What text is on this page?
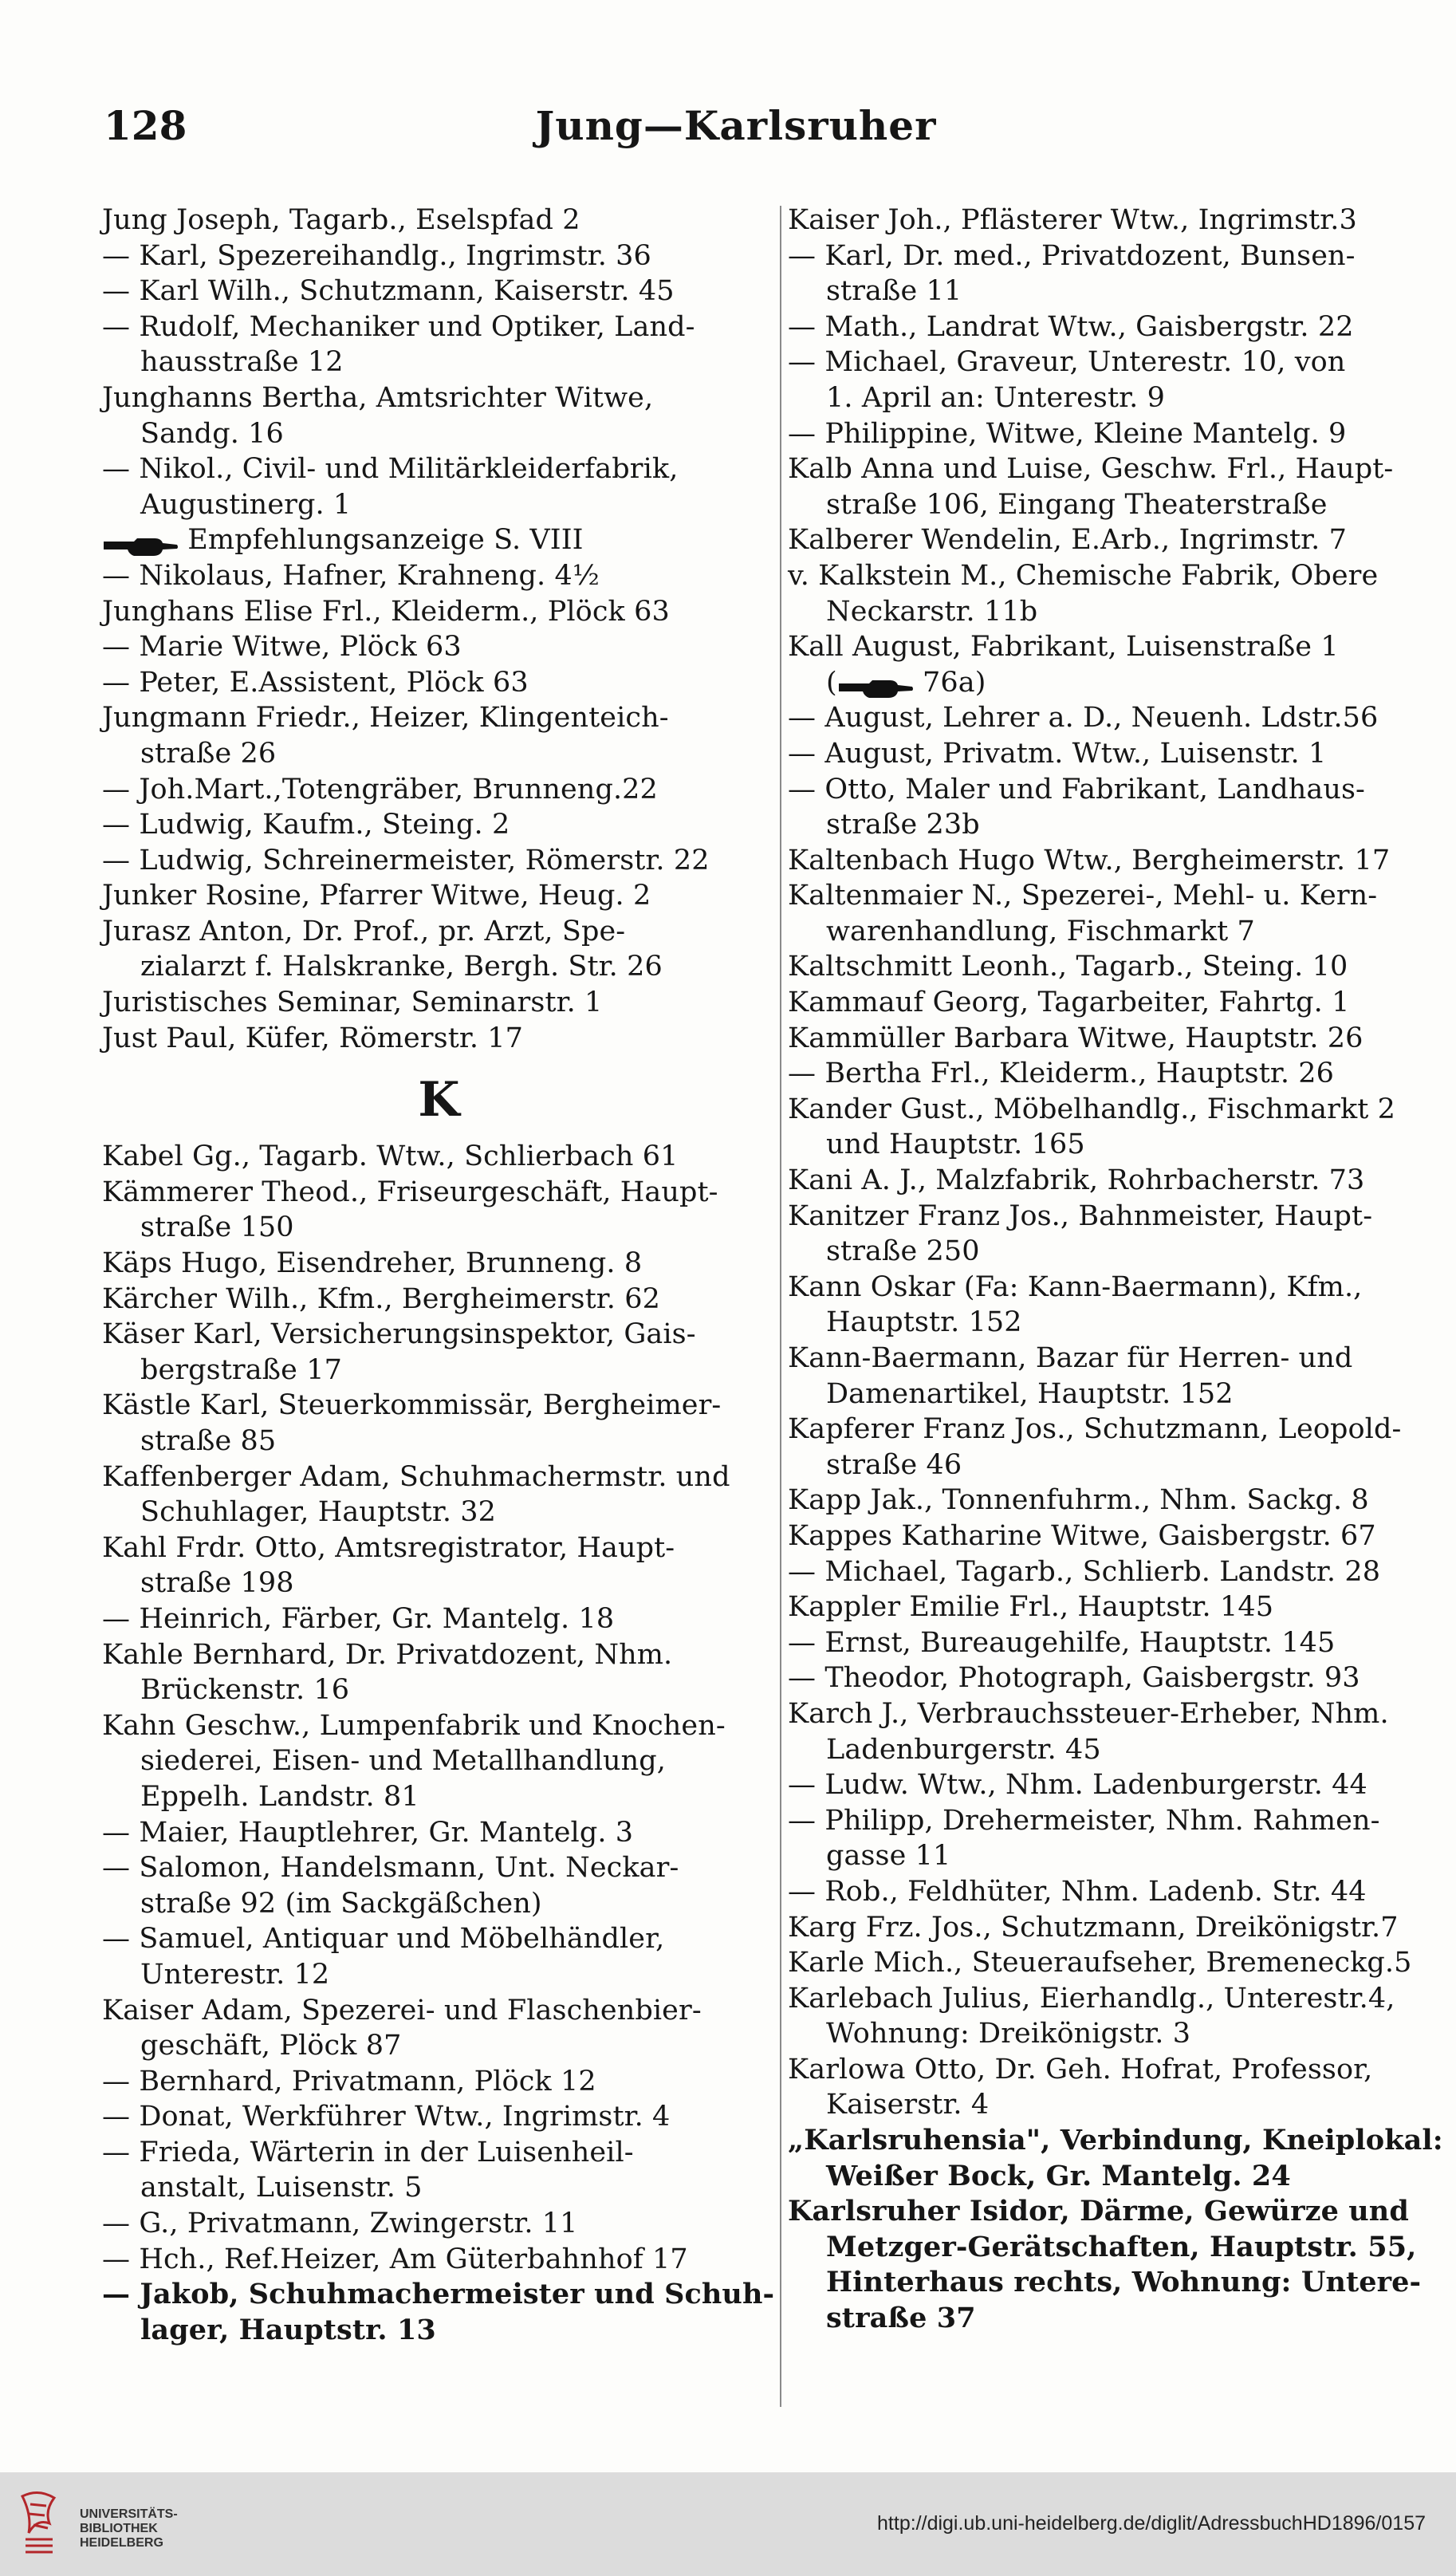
128	Jung—Karlsruher
Jung Joseph, Tagarb., Eselspfad 2
— Karl, Spezereihandlg., Ingrimstr. 36
— Karl Wilh., Schutzmann, Kaiserstr. 45
— Rudolf, Mechaniker und Optiker, Land-
hausstraße 12
Junghanns Bertha, Amtsrichter Witwe,
Sandg. 16
— Nikol., Civil- und Militärkleiderfabrik,
Augustinerg. 1
Empfehlungsanzeige S. VIII
— Nikolaus, Hafner, Krahneng. 4½
Junghans Elise Frl., Kleiderm., Plöck 63
— Marie Witwe, Plöck 63
— Peter, E.Assistent, Plöck 63
Jungmann Friedr., Heizer, Klingenteich-
straße 26
— Joh.Mart.,Totengräber, Brunneng.22
— Ludwig, Kaufm., Steing. 2
— Ludwig, Schreinermeister, Römerstr. 22
Junker Rosine, Pfarrer Witwe, Heug. 2
Jurasz Anton, Dr. Prof., pr. Arzt, Spe-
zialarzt f. Halskranke, Bergh. Str. 26
Juristisches Seminar, Seminarstr. 1
Just Paul, Küfer, Römerstr. 17
K
Kabel Gg., Tagarb. Wtw., Schlierbach 61
Kämmerer Theod., Friseurgeschäft, Haupt-
straße 150
Käps Hugo, Eisendreher, Brunneng. 8
Kärcher Wilh., Kfm., Bergheimerstr. 62
Käser Karl, Versicherungsinspektor, Gais-
bergstraße 17
Kästle Karl, Steuerkommissär, Bergheimer-
straße 85
Kaffenberger Adam, Schuhmachermstr. und
Schuhlager, Hauptstr. 32
Kahl Frdr. Otto, Amtsregistrator, Haupt-
straße 198
— Heinrich, Färber, Gr. Mantelg. 18
Kahle Bernhard, Dr. Privatdozent, Nhm.
Brückenstr. 16
Kahn Geschw., Lumpenfabrik und Knochen-
siederei, Eisen- und Metallhandlung,
Eppelh. Landstr. 81
— Maier, Hauptlehrer, Gr. Mantelg. 3
— Salomon, Handelsmann, Unt. Neckar-
straße 92 (im Sackgäßchen)
— Samuel, Antiquar und Möbelhändler,
Unterestr. 12
Kaiser Adam, Spezerei- und Flaschenbier-
geschäft, Plöck 87
— Bernhard, Privatmann, Plöck 12
— Donat, Werkführer Wtw., Ingrimstr. 4
— Frieda, Wärterin in der Luisenheil-
anstalt, Luisenstr. 5
— G., Privatmann, Zwingerstr. 11
— Hch., Ref.Heizer, Am Güterbahnhof 17
— Jakob, Schuhmachermeister und Schuh-
lager, Hauptstr. 13
Kaiser Joh., Pflästerer Wtw., Ingrimstr.3
— Karl, Dr. med., Privatdozent, Bunsen-
straße 11
— Math., Landrat Wtw., Gaisbergstr. 22
— Michael, Graveur, Unterestr. 10, von
1. April an: Unterestr. 9
— Philippine, Witwe, Kleine Mantelg. 9
Kalb Anna und Luise, Geschw. Frl., Haupt-
straße 106, Eingang Theaterstraße
Kalberer Wendelin, E.Arb., Ingrimstr. 7
v. Kalkstein M., Chemische Fabrik, Obere
Neckarstr. 11b
Kall August, Fabrikant, Luisenstraße 1
(	76a)
— August, Lehrer a. D., Neuenh. Ldstr.56
— August, Privatm. Wtw., Luisenstr. 1
— Otto, Maler und Fabrikant, Landhaus-
straße 23b
Kaltenbach Hugo Wtw., Bergheimerstr. 17
Kaltenmaier N., Spezerei-, Mehl- u. Kern-
warenhandlung, Fischmarkt 7
Kaltschmitt Leonh., Tagarb., Steing. 10
Kammauf Georg, Tagarbeiter, Fahrtg. 1
Kammüller Barbara Witwe, Hauptstr. 26
— Bertha Frl., Kleiderm., Hauptstr. 26
Kander Gust., Möbelhandlg., Fischmarkt 2
und Hauptstr. 165
Kani A. J., Malzfabrik, Rohrbacherstr. 73
Kanitzer Franz Jos., Bahnmeister, Haupt-
straße 250
Kann Oskar (Fa: Kann-Baermann), Kfm.,
Hauptstr. 152
Kann-Baermann, Bazar für Herren- und
Damenartikel, Hauptstr. 152
Kapferer Franz Jos., Schutzmann, Leopold-
straße 46
Kapp Jak., Tonnenfuhrm., Nhm. Sackg. 8
Kappes Katharine Witwe, Gaisbergstr. 67
— Michael, Tagarb., Schlierb. Landstr. 28
Kappler Emilie Frl., Hauptstr. 145
— Ernst, Bureaugehilfe, Hauptstr. 145
— Theodor, Photograph, Gaisbergstr. 93
Karch J., Verbrauchssteuer-Erheber, Nhm.
Ladenburgerstr. 45
— Ludw. Wtw., Nhm. Ladenburgerstr. 44
— Philipp, Drehermeister, Nhm. Rahmen-
gasse 11
— Rob., Feldhüter, Nhm. Ladenb. Str. 44
Karg Frz. Jos., Schutzmann, Dreikönigstr.7
Karle Mich., Steueraufseher, Bremeneckg.5
Karlebach Julius, Eierhandlg., Unterestr.4,
Wohnung: Dreikönigstr. 3
Karlowa Otto, Dr. Geh. Hofrat, Professor,
Kaiserstr. 4
„Karlsruhensia", Verbindung, Kneiplokal:
Weißer Bock, Gr. Mantelg. 24
Karlsruher Isidor, Därme, Gewürze und
Metzger-Gerätschaften, Hauptstr. 55,
Hinterhaus rechts, Wohnung: Untere-
straße 37
UNIVERSITÄTS-
BIBLIOTHEK
HEIDELBERG
http://digi.ub.uni-heidelberg.de/diglit/AdressbuchHD1896/0157
